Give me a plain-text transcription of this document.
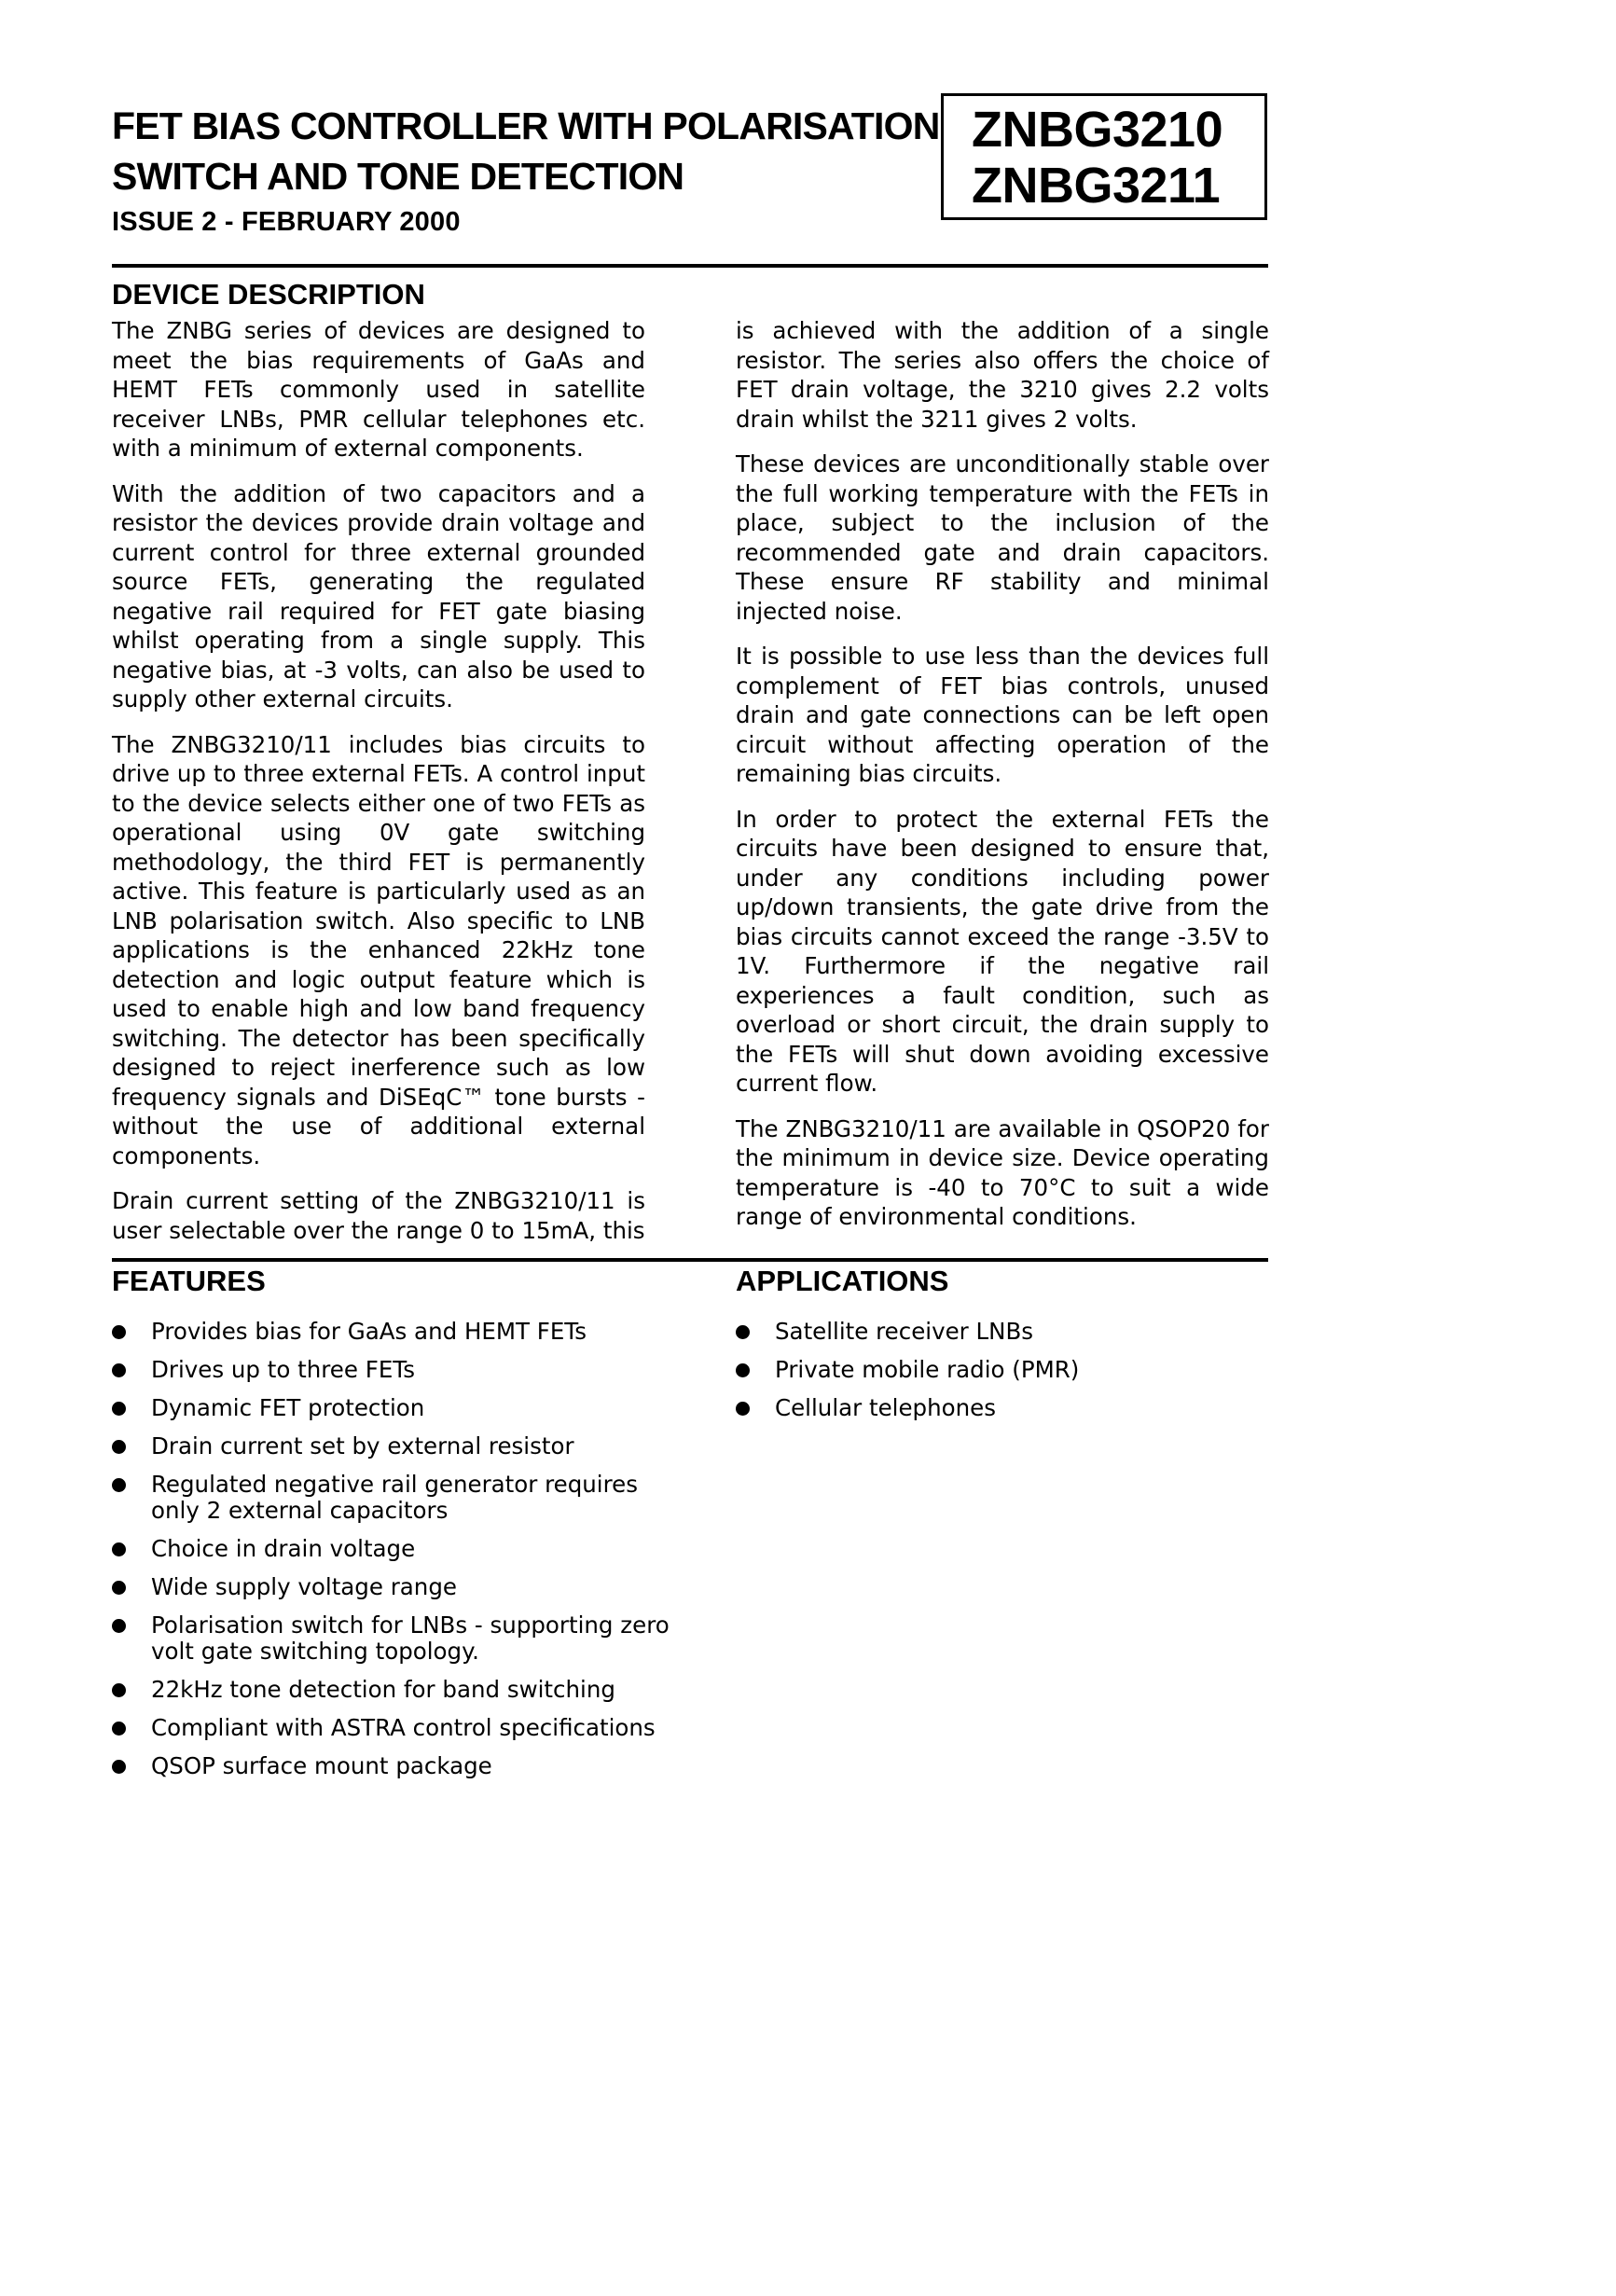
FET BIAS CONTROLLER WITH POLARISATION
SWITCH AND TONE DETECTION
ISSUE 2 - FEBRUARY 2000
ZNBG3210
ZNBG3211
DEVICE DESCRIPTION

The ZNBG series of devices are designed to meet the bias requirements of GaAs and HEMT FETs commonly used in satellite receiver LNBs, PMR cellular telephones etc. with a minimum of external components.

With the addition of two capacitors and a resistor the devices provide drain voltage and current control for three external grounded source FETs, generating the regulated negative rail required for FET gate biasing whilst operating from a single supply. This negative bias, at -3 volts, can also be used to supply other external circuits.

The ZNBG3210/11 includes bias circuits to drive up to three external FETs. A control input to the device selects either one of two FETs as operational using 0V gate switching methodology, the third FET is permanently active. This feature is particularly used as an LNB polarisation switch. Also specific to LNB applications is the enhanced 22kHz tone detection and logic output feature which is used to enable high and low band frequency switching. The detector has been specifically designed to reject inerference such as low frequency signals and DiSEqC™ tone bursts - without the use of additional external components.

Drain current setting of the ZNBG3210/11 is user selectable over the range 0 to 15mA, this

is achieved with the addition of a single resistor. The series also offers the choice of FET drain voltage, the 3210 gives 2.2 volts drain whilst the 3211 gives 2 volts.

These devices are unconditionally stable over the full working temperature with the FETs in place, subject to the inclusion of the recommended gate and drain capacitors. These ensure RF stability and minimal injected noise.

It is possible to use less than the devices full complement of FET bias controls, unused drain and gate connections can be left open circuit without affecting operation of the remaining bias circuits.

In order to protect the external FETs the circuits have been designed to ensure that, under any conditions including power up/down transients, the gate drive from the bias circuits cannot exceed the range -3.5V to 1V. Furthermore if the negative rail experiences a fault condition, such as overload or short circuit, the drain supply to the FETs will shut down avoiding excessive current flow.

The ZNBG3210/11 are available in QSOP20 for the minimum in device size. Device operating temperature is -40 to 70°C to suit a wide range of environmental conditions.

FEATURES	APPLICATIONS
Provides bias for GaAs and HEMT FETs
Drives up to three FETs
Dynamic FET protection
Drain current set by external resistor
Regulated negative rail generator requires only 2 external capacitors
Choice in drain voltage
Wide supply voltage range
Polarisation switch for LNBs - supporting zero volt gate switching topology.
22kHz tone detection for band switching
Compliant with ASTRA control specifications
QSOP surface mount package
Satellite receiver LNBs
Private mobile radio (PMR)
Cellular telephones
